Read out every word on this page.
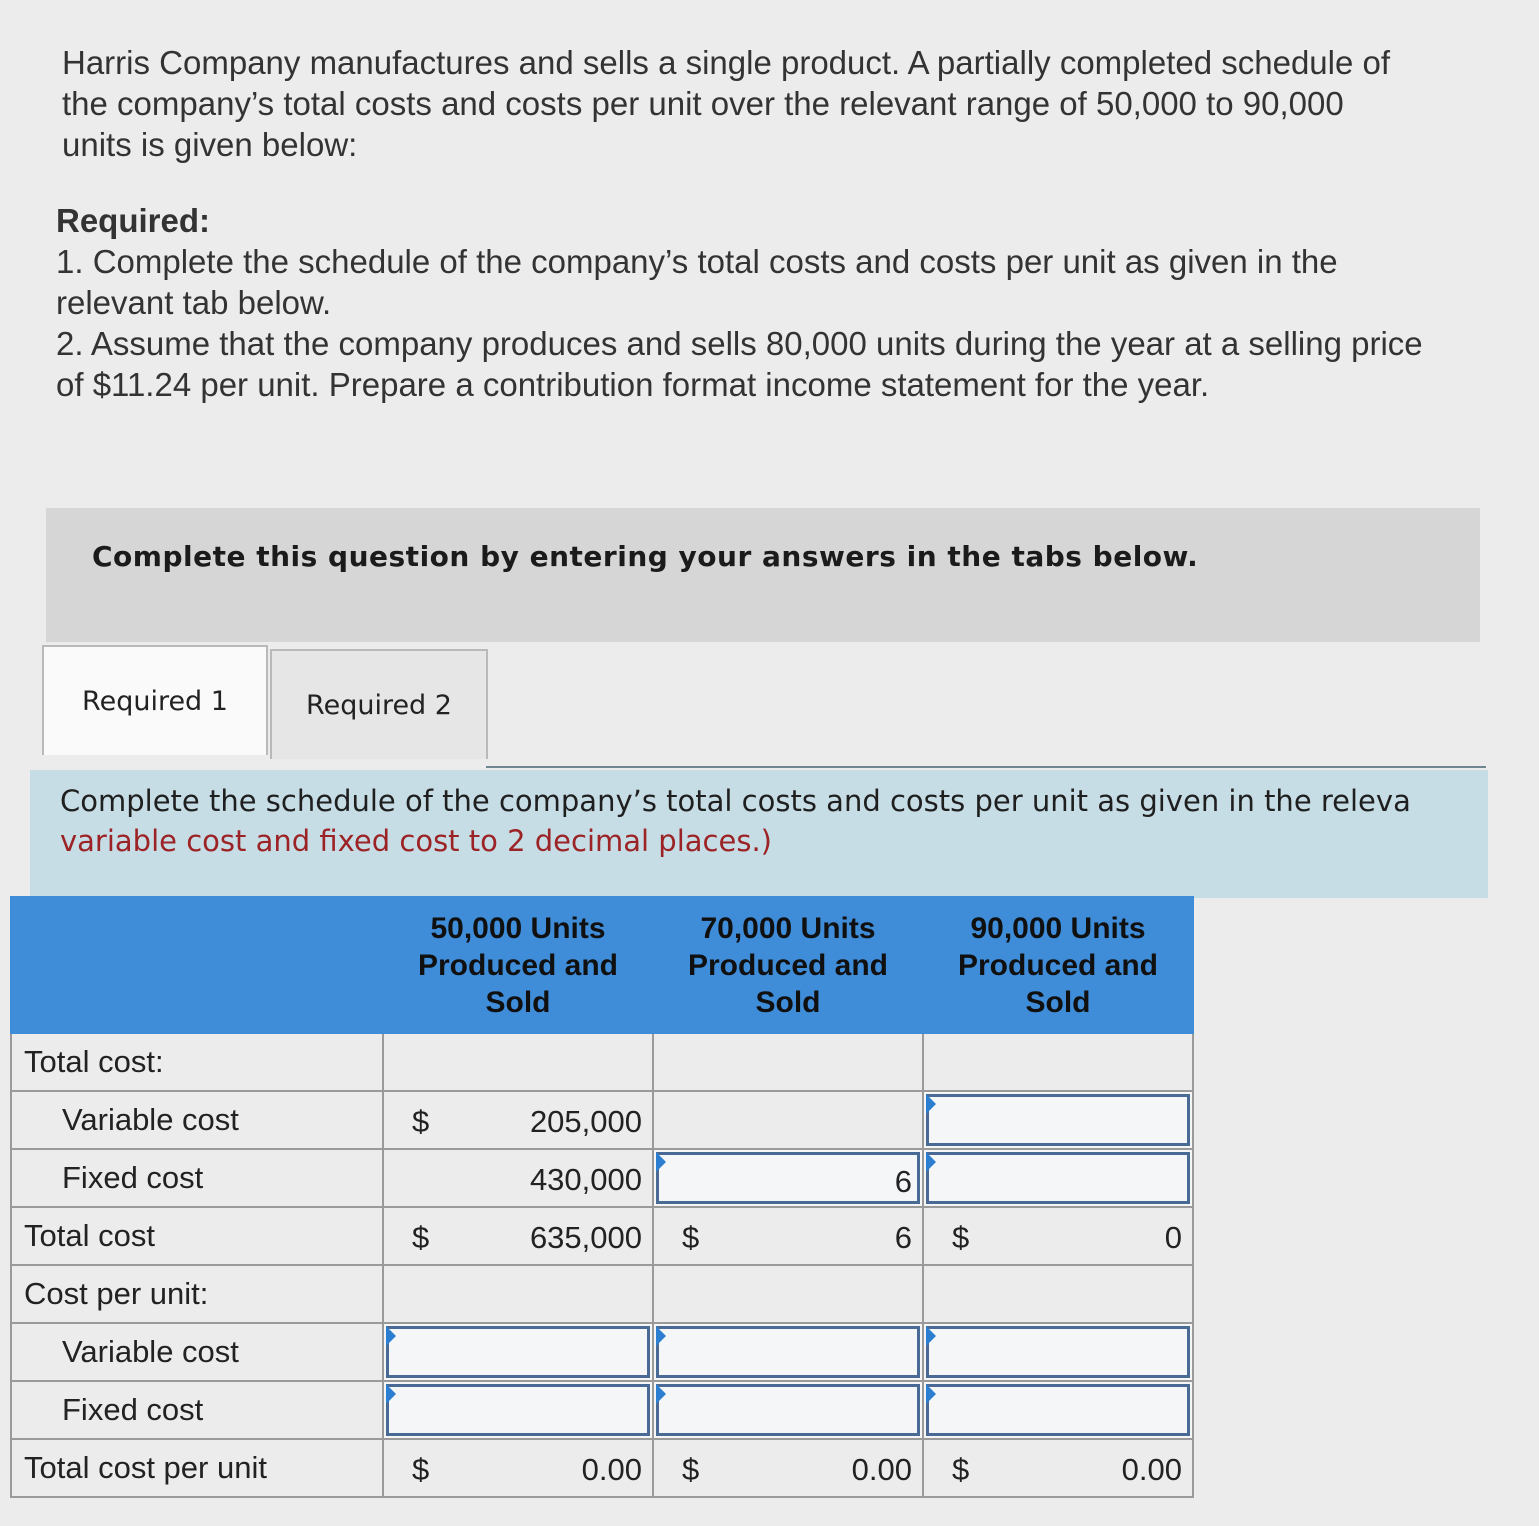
Harris Company manufactures and sells a single product. A partially completed schedule of the company’s total costs and costs per unit over the relevant range of 50,000 to 90,000 units is given below:
Required:
1. Complete the schedule of the company’s total costs and costs per unit as given in the relevant tab below.
2. Assume that the company produces and sells 80,000 units during the year at a selling price of $11.24 per unit. Prepare a contribution format income statement for the year.
Complete this question by entering your answers in the tabs below.
Required 1	Required 2
Complete the schedule of the company’s total costs and costs per unit as given in the releva
variable cost and fixed cost to 2 decimal places.)
	50,000 Units Produced and Sold	70,000 Units Produced and Sold	90,000 Units Produced and Sold
Total cost:			
Variable cost	$ 205,000		

Fixed cost	430,000	6	

Total cost	$ 635,000	$ 6	$ 0

Cost per unit:			
Variable cost	

Fixed cost	

Total cost per unit	$ 0.00	$ 0.00	$ 0.00
